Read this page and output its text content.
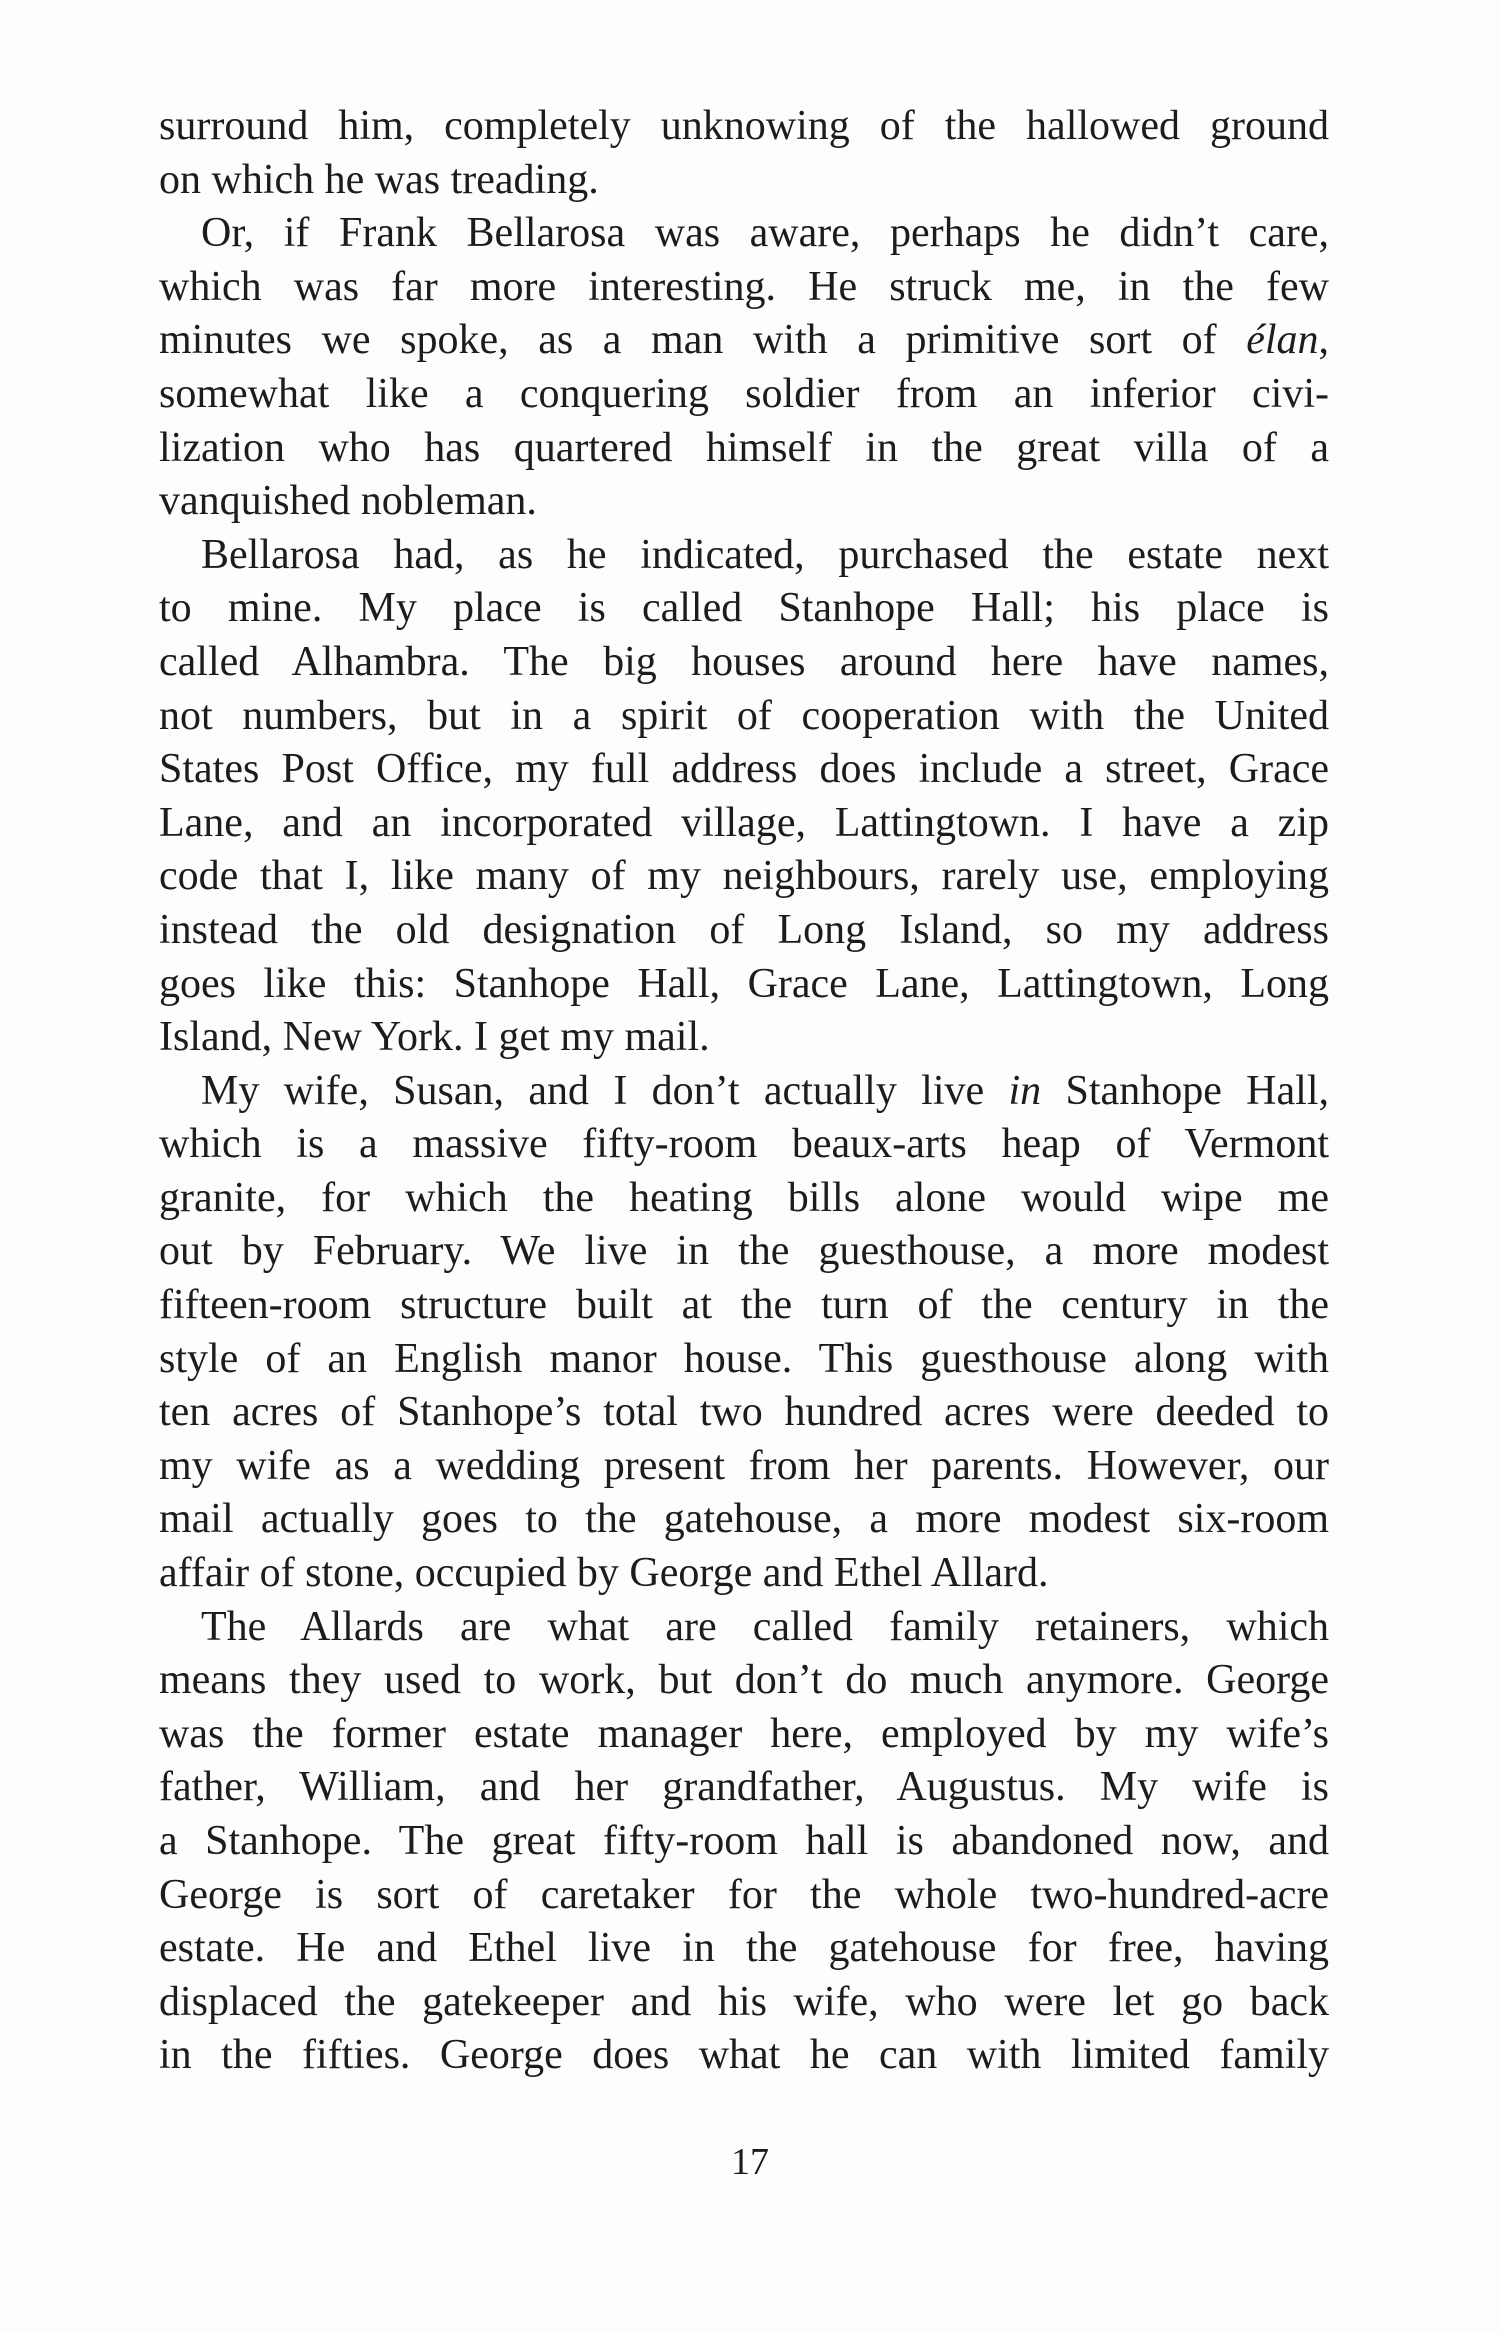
surround him, completely unknowing of the hallowed ground
on which he was treading.
Or, if Frank Bellarosa was aware, perhaps he didn’t care,
which was far more interesting. He struck me, in the few
minutes we spoke, as a man with a primitive sort of élan,
somewhat like a conquering soldier from an inferior civi-
lization who has quartered himself in the great villa of a
vanquished nobleman.
Bellarosa had, as he indicated, purchased the estate next
to mine. My place is called Stanhope Hall; his place is
called Alhambra. The big houses around here have names,
not numbers, but in a spirit of cooperation with the United
States Post Office, my full address does include a street, Grace
Lane, and an incorporated village, Lattingtown. I have a zip
code that I, like many of my neighbours, rarely use, employing
instead the old designation of Long Island, so my address
goes like this: Stanhope Hall, Grace Lane, Lattingtown, Long
Island, New York. I get my mail.
My wife, Susan, and I don’t actually live in Stanhope Hall,
which is a massive fifty-room beaux-arts heap of Vermont
granite, for which the heating bills alone would wipe me
out by February. We live in the guesthouse, a more modest
fifteen-room structure built at the turn of the century in the
style of an English manor house. This guesthouse along with
ten acres of Stanhope’s total two hundred acres were deeded to
my wife as a wedding present from her parents. However, our
mail actually goes to the gatehouse, a more modest six-room
affair of stone, occupied by George and Ethel Allard.
The Allards are what are called family retainers, which
means they used to work, but don’t do much anymore. George
was the former estate manager here, employed by my wife’s
father, William, and her grandfather, Augustus. My wife is
a Stanhope. The great fifty-room hall is abandoned now, and
George is sort of caretaker for the whole two-hundred-acre
estate. He and Ethel live in the gatehouse for free, having
displaced the gatekeeper and his wife, who were let go back
in the fifties. George does what he can with limited family
17
